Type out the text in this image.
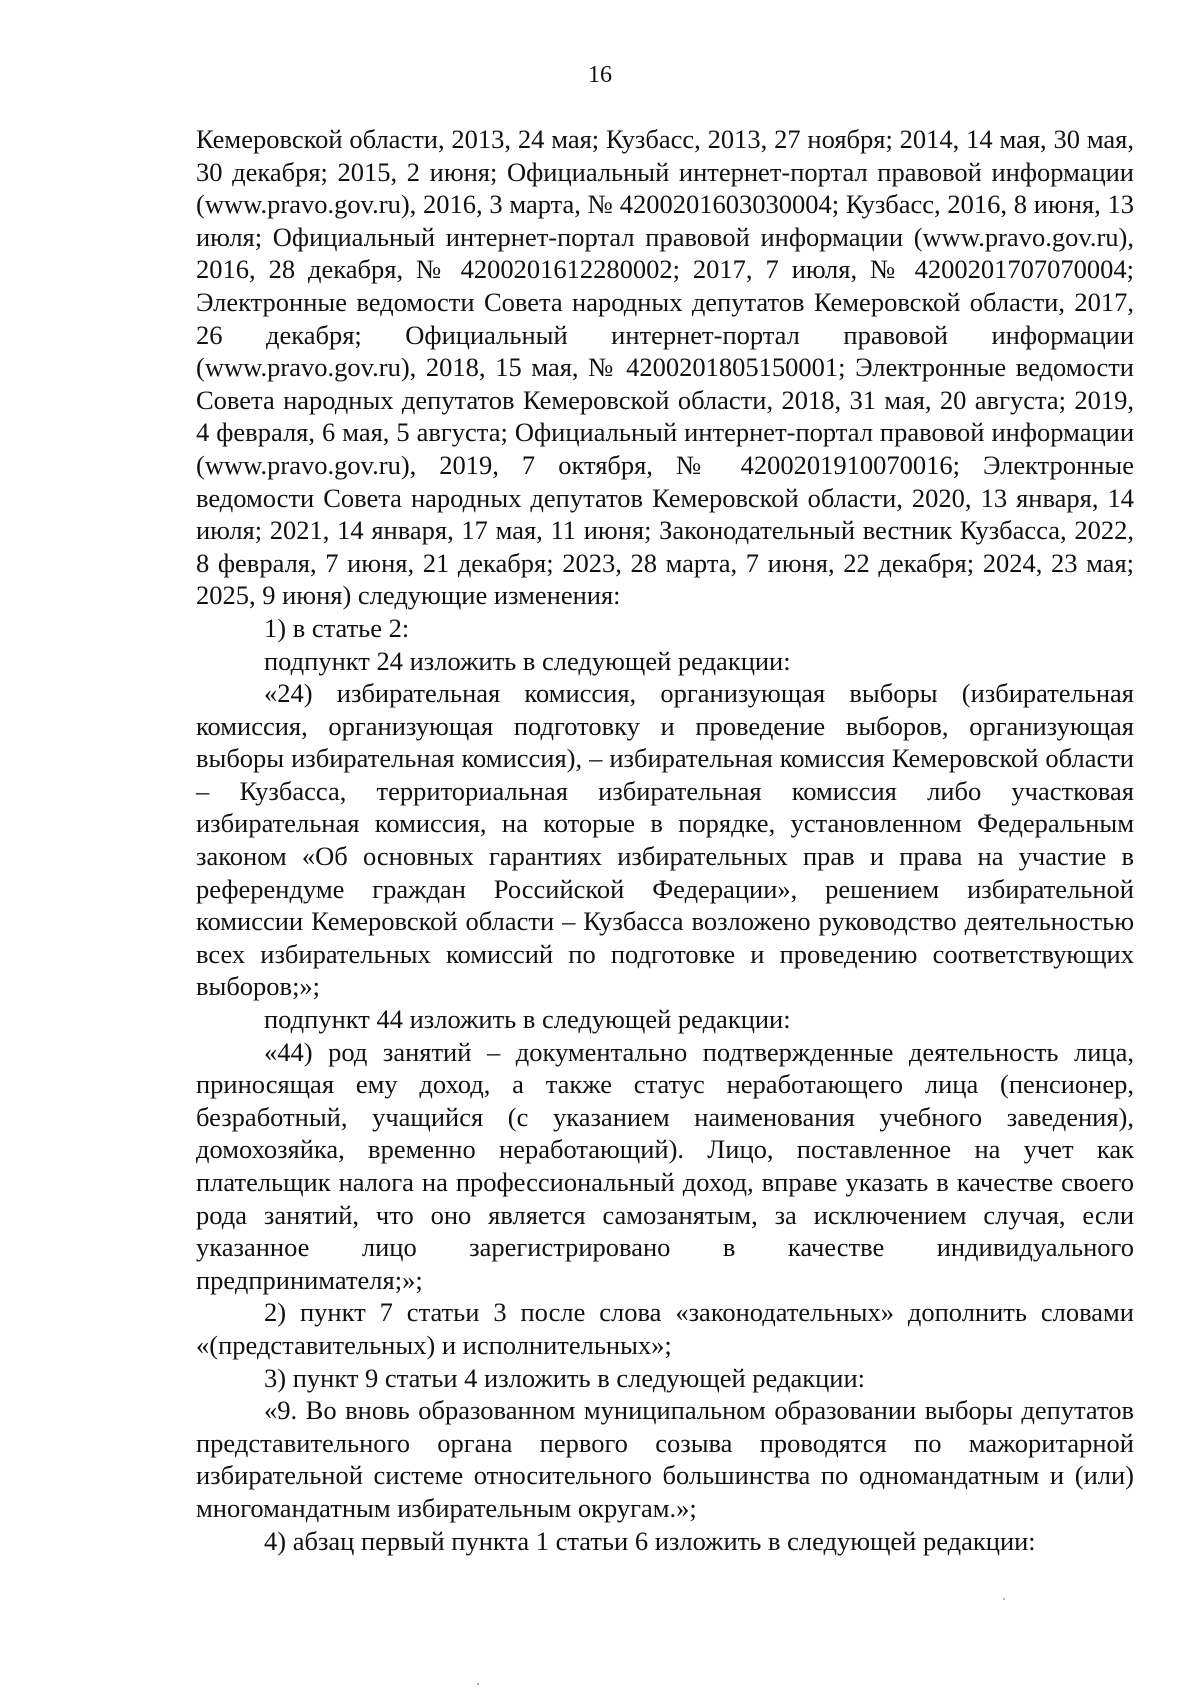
16

Кемеровской области, 2013, 24 мая; Кузбасс, 2013, 27 ноября; 2014, 14 мая, 30 мая, 30 декабря; 2015, 2 июня; Официальный интернет-портал правовой информации (www.pravo.gov.ru), 2016, 3 марта, № 4200201603030004; Кузбасс, 2016, 8 июня, 13 июля; Официальный интернет-портал правовой информации (www.pravo.gov.ru), 2016, 28 декабря, № 4200201612280002; 2017, 7 июля, № 4200201707070004; Электронные ведомости Совета народных депутатов Кемеровской области, 2017, 26 декабря; Официальный интернет-портал правовой информации (www.pravo.gov.ru), 2018, 15 мая, № 4200201805150001; Электронные ведомости Совета народных депутатов Кемеровской области, 2018, 31 мая, 20 августа; 2019, 4 февраля, 6 мая, 5 августа; Официальный интернет-портал правовой информации (www.pravo.gov.ru), 2019, 7 октября, № 4200201910070016; Электронные ведомости Совета народных депутатов Кемеровской области, 2020, 13 января, 14 июля; 2021, 14 января, 17 мая, 11 июня; Законодательный вестник Кузбасса, 2022, 8 февраля, 7 июня, 21 декабря; 2023, 28 марта, 7 июня, 22 декабря; 2024, 23 мая; 2025, 9 июня) следующие изменения:

1) в статье 2:

подпункт 24 изложить в следующей редакции:

«24) избирательная комиссия, организующая выборы (избирательная комиссия, организующая подготовку и проведение выборов, организующая выборы избирательная комиссия), – избирательная комиссия Кемеровской области – Кузбасса, территориальная избирательная комиссия либо участковая избирательная комиссия, на которые в порядке, установленном Федеральным законом «Об основных гарантиях избирательных прав и права на участие в референдуме граждан Российской Федерации», решением избирательной комиссии Кемеровской области – Кузбасса возложено руководство деятельностью всех избирательных комиссий по подготовке и проведению соответствующих выборов;»;

подпункт 44 изложить в следующей редакции:

«44) род занятий – документально подтвержденные деятельность лица, приносящая ему доход, а также статус неработающего лица (пенсионер, безработный, учащийся (с указанием наименования учебного заведения), домохозяйка, временно неработающий). Лицо, поставленное на учет как плательщик налога на профессиональный доход, вправе указать в качестве своего рода занятий, что оно является самозанятым, за исключением случая, если указанное лицо зарегистрировано в качестве индивидуального предпринимателя;»;

2) пункт 7 статьи 3 после слова «законодательных» дополнить словами «(представительных) и исполнительных»;

3) пункт 9 статьи 4 изложить в следующей редакции:

«9. Во вновь образованном муниципальном образовании выборы депутатов представительного органа первого созыва проводятся по мажоритарной избирательной системе относительного большинства по одномандатным и (или) многомандатным избирательным округам.»;

4) абзац первый пункта 1 статьи 6 изложить в следующей редакции:
